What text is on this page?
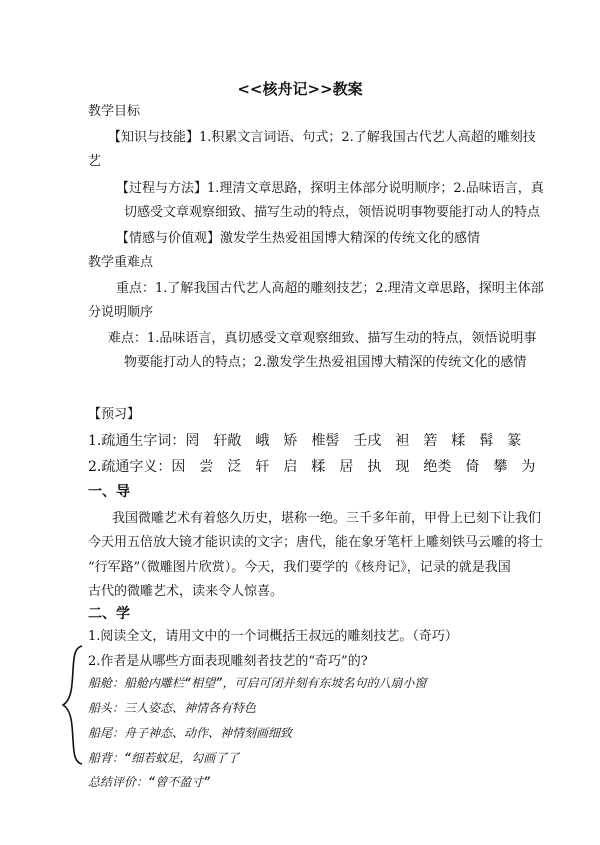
<<核舟记>>教案
教学目标
【知识与技能】1.积累文言词语、句式；2.了解我国古代艺人高超的雕刻技
艺
【过程与方法】1.理清文章思路，探明主体部分说明顺序；2.品味语言，真
切感受文章观察细致、描写生动的特点，领悟说明事物要能打动人的特点
【情感与价值观】激发学生热爱祖国博大精深的传统文化的感情
教学重难点
重点：1.了解我国古代艺人高超的雕刻技艺；2.理清文章思路，探明主体部
分说明顺序
难点：1.品味语言，真切感受文章观察细致、描写生动的特点，领悟说明事
物要能打动人的特点；2.激发学生热爱祖国博大精深的传统文化的感情
【预习】
1.疏通生字词：罔　轩敞　峨　矫　椎髻　壬戌　袒　箬　糅　髯　篆
2.疏通字义：因　尝　泛　轩　启　糅　居　执　现　绝类　倚　攀　为
一、导
我国微雕艺术有着悠久历史，堪称一绝。三千多年前，甲骨上已刻下让我们
今天用五倍放大镜才能识读的文字；唐代，能在象牙笔杆上雕刻铁马云雕的将士
“行军路”（微雕图片欣赏）。今天，我们要学的《核舟记》，记录的就是我国
古代的微雕艺术，读来令人惊喜。
二、学
1.阅读全文，请用文中的一个词概括王叔远的雕刻技艺。（奇巧）
2.作者是从哪些方面表现雕刻者技艺的“奇巧”的?
船舱：船舱内雕栏“相望”，可启可闭并刻有东坡名句的八扇小窗
船头：三人姿态、神情各有特色
船尾：舟子神态、动作、神情刻画细致
船背：“细若蚊足，勾画了了
总结评价：“曾不盈寸”
